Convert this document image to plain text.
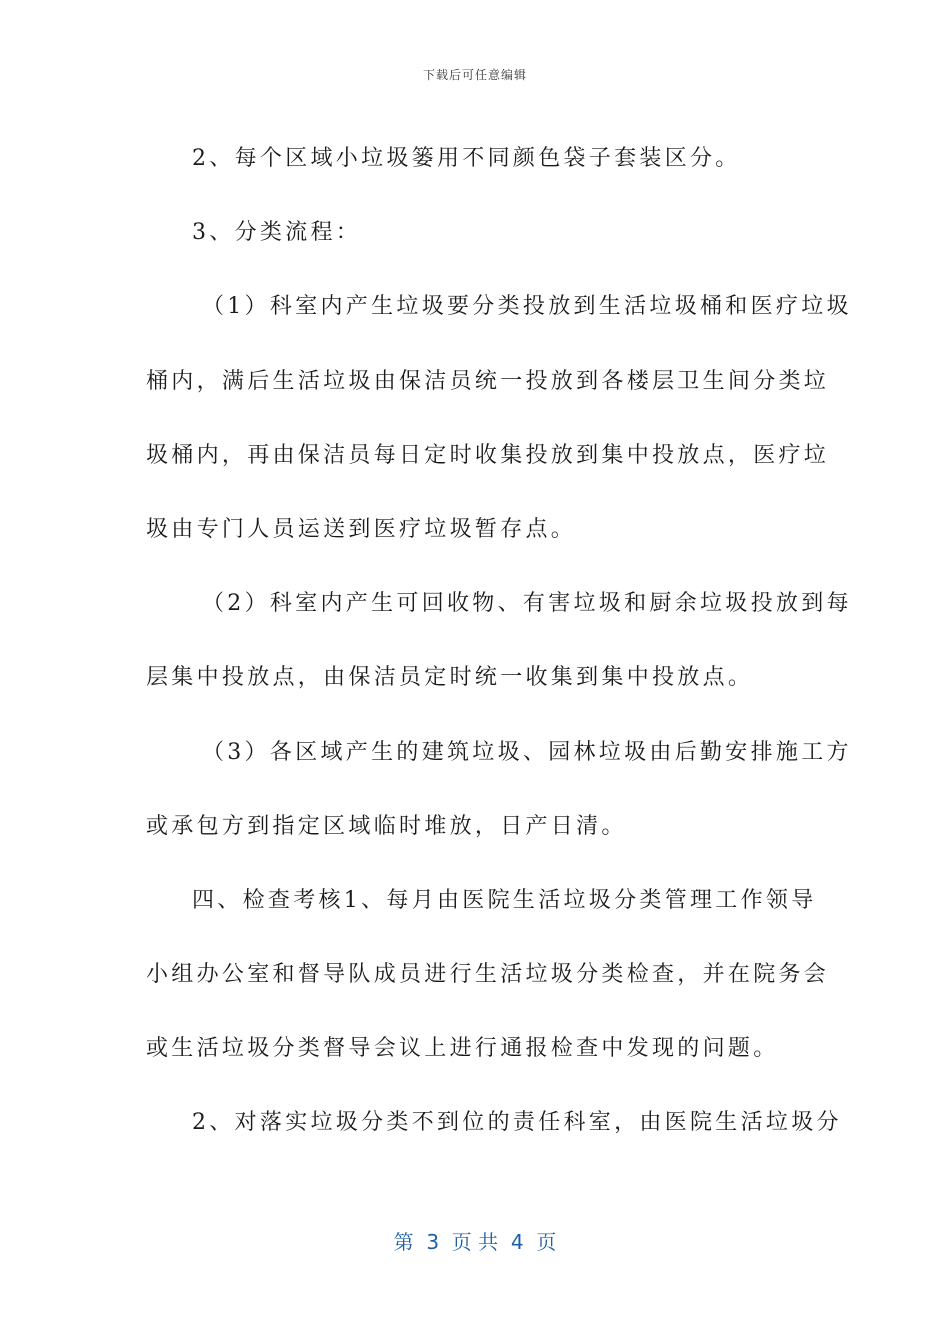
下载后可任意编辑
2、每个区域小垃圾篓用不同颜色袋子套装区分。
3、分类流程：
（1）科室内产生垃圾要分类投放到生活垃圾桶和医疗垃圾
桶内，满后生活垃圾由保洁员统一投放到各楼层卫生间分类垃
圾桶内，再由保洁员每日定时收集投放到集中投放点，医疗垃
圾由专门人员运送到医疗垃圾暂存点。
（2）科室内产生可回收物、有害垃圾和厨余垃圾投放到每
层集中投放点，由保洁员定时统一收集到集中投放点。
（3）各区域产生的建筑垃圾、园林垃圾由后勤安排施工方
或承包方到指定区域临时堆放，日产日清。
四、检查考核1、每月由医院生活垃圾分类管理工作领导
小组办公室和督导队成员进行生活垃圾分类检查，并在院务会
或生活垃圾分类督导会议上进行通报检查中发现的问题。
2、对落实垃圾分类不到位的责任科室，由医院生活垃圾分
第  3  页 共  4  页
